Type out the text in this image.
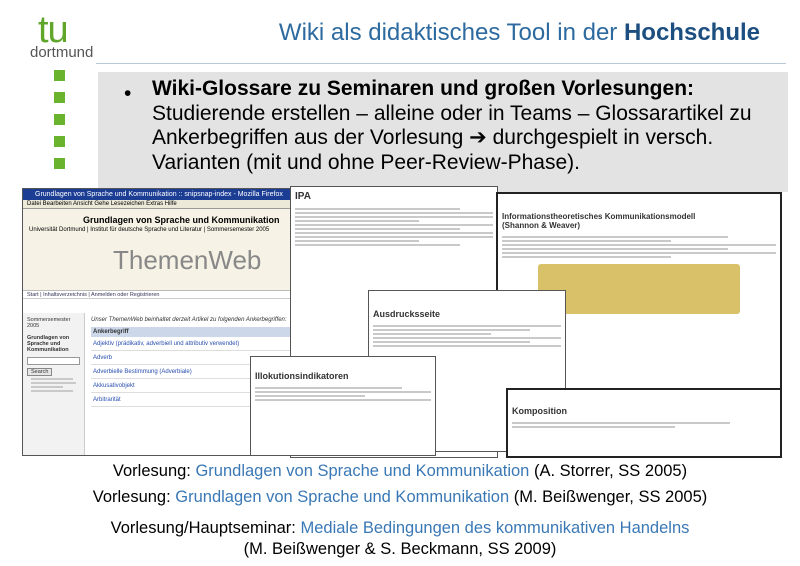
tu
dortmund
Wiki als didaktisches Tool in der Hochschule
• Wiki-Glossare zu Seminaren und großen Vorlesungen: Studierende erstellen – alleine oder in Teams – Glossarartikel zu Ankerbegriffen aus der Vorlesung ➔ durchgespielt in versch. Varianten (mit und ohne Peer-Review-Phase).
Grundlagen von Sprache und Kommunikation :: snipsnap-index - Mozilla Firefox
Datei Bearbeiten Ansicht Gehe Lesezeichen Extras Hilfe
Grundlagen von Sprache und Kommunikation
Universität Dortmund | Institut für deutsche Sprache und Literatur | Sommersemester 2005
ThemenWeb
Start | Inhaltsverzeichnis | Anmelden oder Registrieren
Sommersemester 2005
Grundlagen von Sprache und Kommunikation
Search
Unser ThemenWeb beinhaltet derzeit Artikel zu folgenden Ankerbegriffen:
Ankerbegriff
Adjektiv (prädikativ, adverbiell und attributiv verwendet)
Adverb
Adverbielle Bestimmung (Adverbiale)
Akkusativobjekt
Arbitrarität
IPA
Informationstheoretisches Kommunikationsmodell (Shannon & Weaver)
Ausdrucksseite
Illokutionsindikatoren
Komposition
Vorlesung: Grundlagen von Sprache und Kommunikation (A. Storrer, SS 2005)
Vorlesung: Grundlagen von Sprache und Kommunikation (M. Beißwenger, SS 2005)
Vorlesung/Hauptseminar: Mediale Bedingungen des kommunikativen Handelns
(M. Beißwenger & S. Beckmann, SS 2009)
